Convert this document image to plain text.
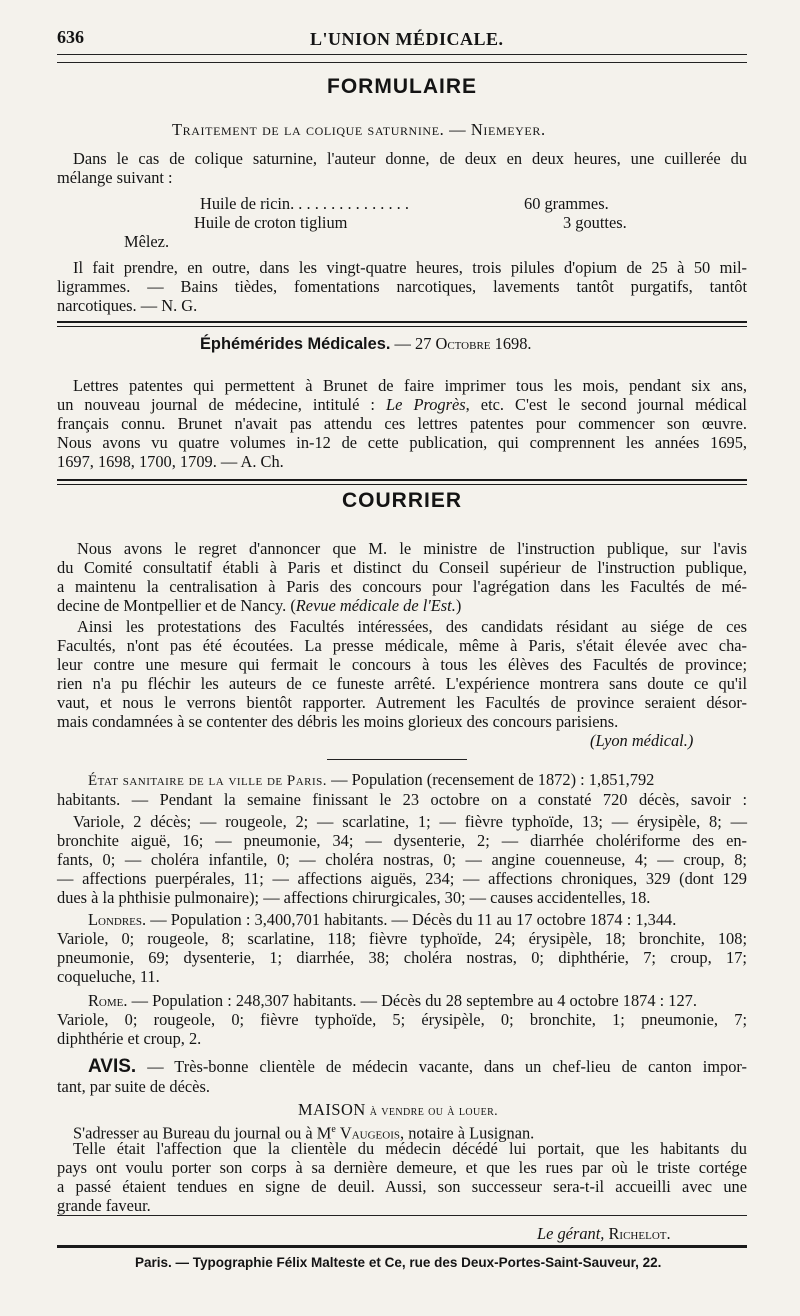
636	L'UNION MÉDICALE.
FORMULAIRE
Traitement de la colique saturnine. — Niemeyer.
Dans le cas de colique saturnine, l'auteur donne, de deux en deux heures, une cuillerée du
mélange suivant :
Huile de ricin. . . . . . . . . . . . . . .	60 grammes.
Huile de croton tiglium	3 gouttes.
Mêlez.
Il fait prendre, en outre, dans les vingt-quatre heures, trois pilules d'opium de 25 à 50 mil-
ligrammes. — Bains tièdes, fomentations narcotiques, lavements tantôt purgatifs, tantôt
narcotiques. — N. G.
Éphémérides Médicales. — 27 Octobre 1698.
Lettres patentes qui permettent à Brunet de faire imprimer tous les mois, pendant six ans,
un nouveau journal de médecine, intitulé : Le Progrès, etc. C'est le second journal médical
français connu. Brunet n'avait pas attendu ces lettres patentes pour commencer son œuvre.
Nous avons vu quatre volumes in-12 de cette publication, qui comprennent les années 1695,
1697, 1698, 1700, 1709. — A. Ch.
COURRIER
Nous avons le regret d'annoncer que M. le ministre de l'instruction publique, sur l'avis
du Comité consultatif établi à Paris et distinct du Conseil supérieur de l'instruction publique,
a maintenu la centralisation à Paris des concours pour l'agrégation dans les Facultés de mé-
decine de Montpellier et de Nancy. (Revue médicale de l'Est.)
Ainsi les protestations des Facultés intéressées, des candidats résidant au siége de ces
Facultés, n'ont pas été écoutées. La presse médicale, même à Paris, s'était élevée avec cha-
leur contre une mesure qui fermait le concours à tous les élèves des Facultés de province;
rien n'a pu fléchir les auteurs de ce funeste arrêté. L'expérience montrera sans doute ce qu'il
vaut, et nous le verrons bientôt rapporter. Autrement les Facultés de province seraient désor-
mais condamnées à se contenter des débris les moins glorieux des concours parisiens.
(Lyon médical.)
État sanitaire de la ville de Paris. — Population (recensement de 1872) : 1,851,792
habitants. — Pendant la semaine finissant le 23 octobre on a constaté 720 décès, savoir :
Variole, 2 décès; — rougeole, 2; — scarlatine, 1; — fièvre typhoïde, 13; — érysipèle, 8; —
bronchite aiguë, 16; — pneumonie, 34; — dysenterie, 2; — diarrhée cholériforme des en-
fants, 0; — choléra infantile, 0; — choléra nostras, 0; — angine couenneuse, 4; — croup, 8;
— affections puerpérales, 11; — affections aiguës, 234; — affections chroniques, 329 (dont 129
dues à la phthisie pulmonaire); — affections chirurgicales, 30; — causes accidentelles, 18.
Londres. — Population : 3,400,701 habitants. — Décès du 11 au 17 octobre 1874 : 1,344.
Variole, 0; rougeole, 8; scarlatine, 118; fièvre typhoïde, 24; érysipèle, 18; bronchite, 108;
pneumonie, 69; dysenterie, 1; diarrhée, 38; choléra nostras, 0; diphthérie, 7; croup, 17;
coqueluche, 11.
Rome. — Population : 248,307 habitants. — Décès du 28 septembre au 4 octobre 1874 : 127.
Variole, 0; rougeole, 0; fièvre typhoïde, 5; érysipèle, 0; bronchite, 1; pneumonie, 7;
diphthérie et croup, 2.
AVIS. — Très-bonne clientèle de médecin vacante, dans un chef-lieu de canton impor-
tant, par suite de décès.
MAISON à vendre ou à louer.
S'adresser au Bureau du journal ou à Me Vaugeois, notaire à Lusignan.
Telle était l'affection que la clientèle du médecin décédé lui portait, que les habitants du
pays ont voulu porter son corps à sa dernière demeure, et que les rues par où le triste cortége
a passé étaient tendues en signe de deuil. Aussi, son successeur sera-t-il accueilli avec une
grande faveur.
Le gérant, Richelot.
Paris. — Typographie Félix Malteste et Ce, rue des Deux-Portes-Saint-Sauveur, 22.
